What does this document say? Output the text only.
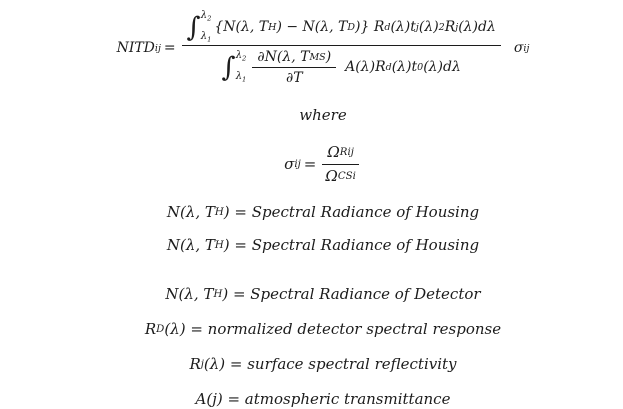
NITD ij = ∫ $\lambda_2$
$\lambda_1$
{N(λ, T H ) − N(λ, T D )} R d (λ)t j (λ) 2 R j (λ)dλ
∫ $\lambda_2$
$\lambda_1 \frac{\text{∂N(λ, T MS )}}{\partial T} A(\lambda)R$ d (λ)t 0 (λ)dλ σ ij
where
σ ij = $\frac{\text{Ω Rij}}{\text{Ω CSi}}$
N(λ, T H ) = Spectral Radiance of Housing
N(λ, T H ) = Spectral Radiance of Housing
N(λ, T H ) = Spectral Radiance of Detector
R D (λ) = normalized detector spectral response
R j (λ) = surface spectral reflectivity
A(j) = atmospheric transmittance
